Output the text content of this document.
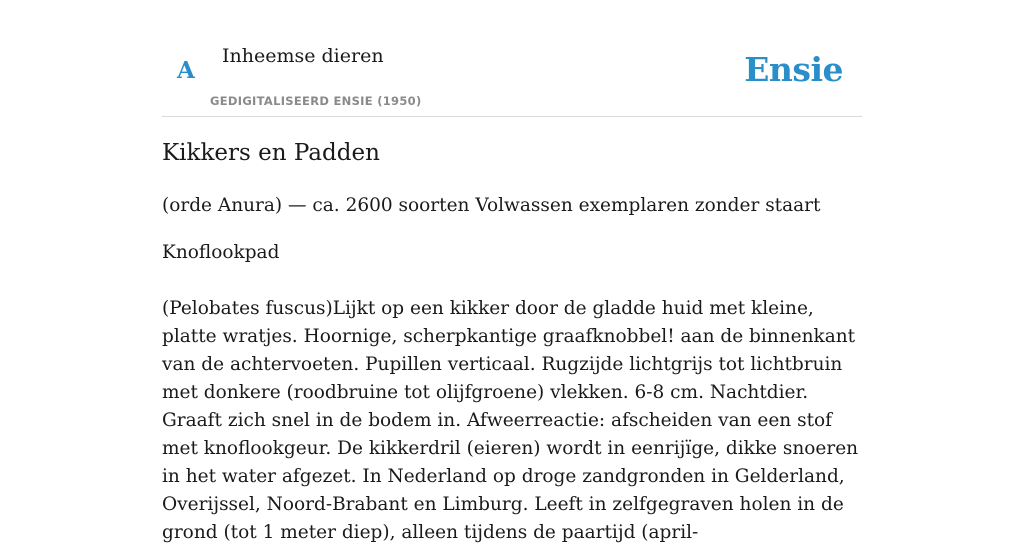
A
Inheemse dieren
GEDIGITALISEERD ENSIE (1950)
Ensie
Kikkers en Padden
(orde Anura) — ca. 2600 soorten Volwassen exemplaren zonder staart
Knoflookpad

(Pelobates fuscus)Lijkt op een kikker door de gladde huid met kleine, platte wratjes. Hoornige, scherpkantige graafknobbel! aan de binnenkant van de achtervoeten. Pupillen verticaal. Rugzijde lichtgrijs tot lichtbruin met donkere (roodbruine tot olijfgroene) vlekken. 6-8 cm. Nachtdier. Graaft zich snel in de bodem in. Afweerreactie: afscheiden van een stof met knoflookgeur. De kikkerdril (eieren) wordt in eenrijïge, dikke snoeren in het water afgezet. In Nederland op droge zandgronden in Gelderland, Overijssel, Noord-Brabant en Limburg. Leeft in zelfgegraven holen in de grond (tot 1 meter diep), alleen tijdens de paartijd (april-
